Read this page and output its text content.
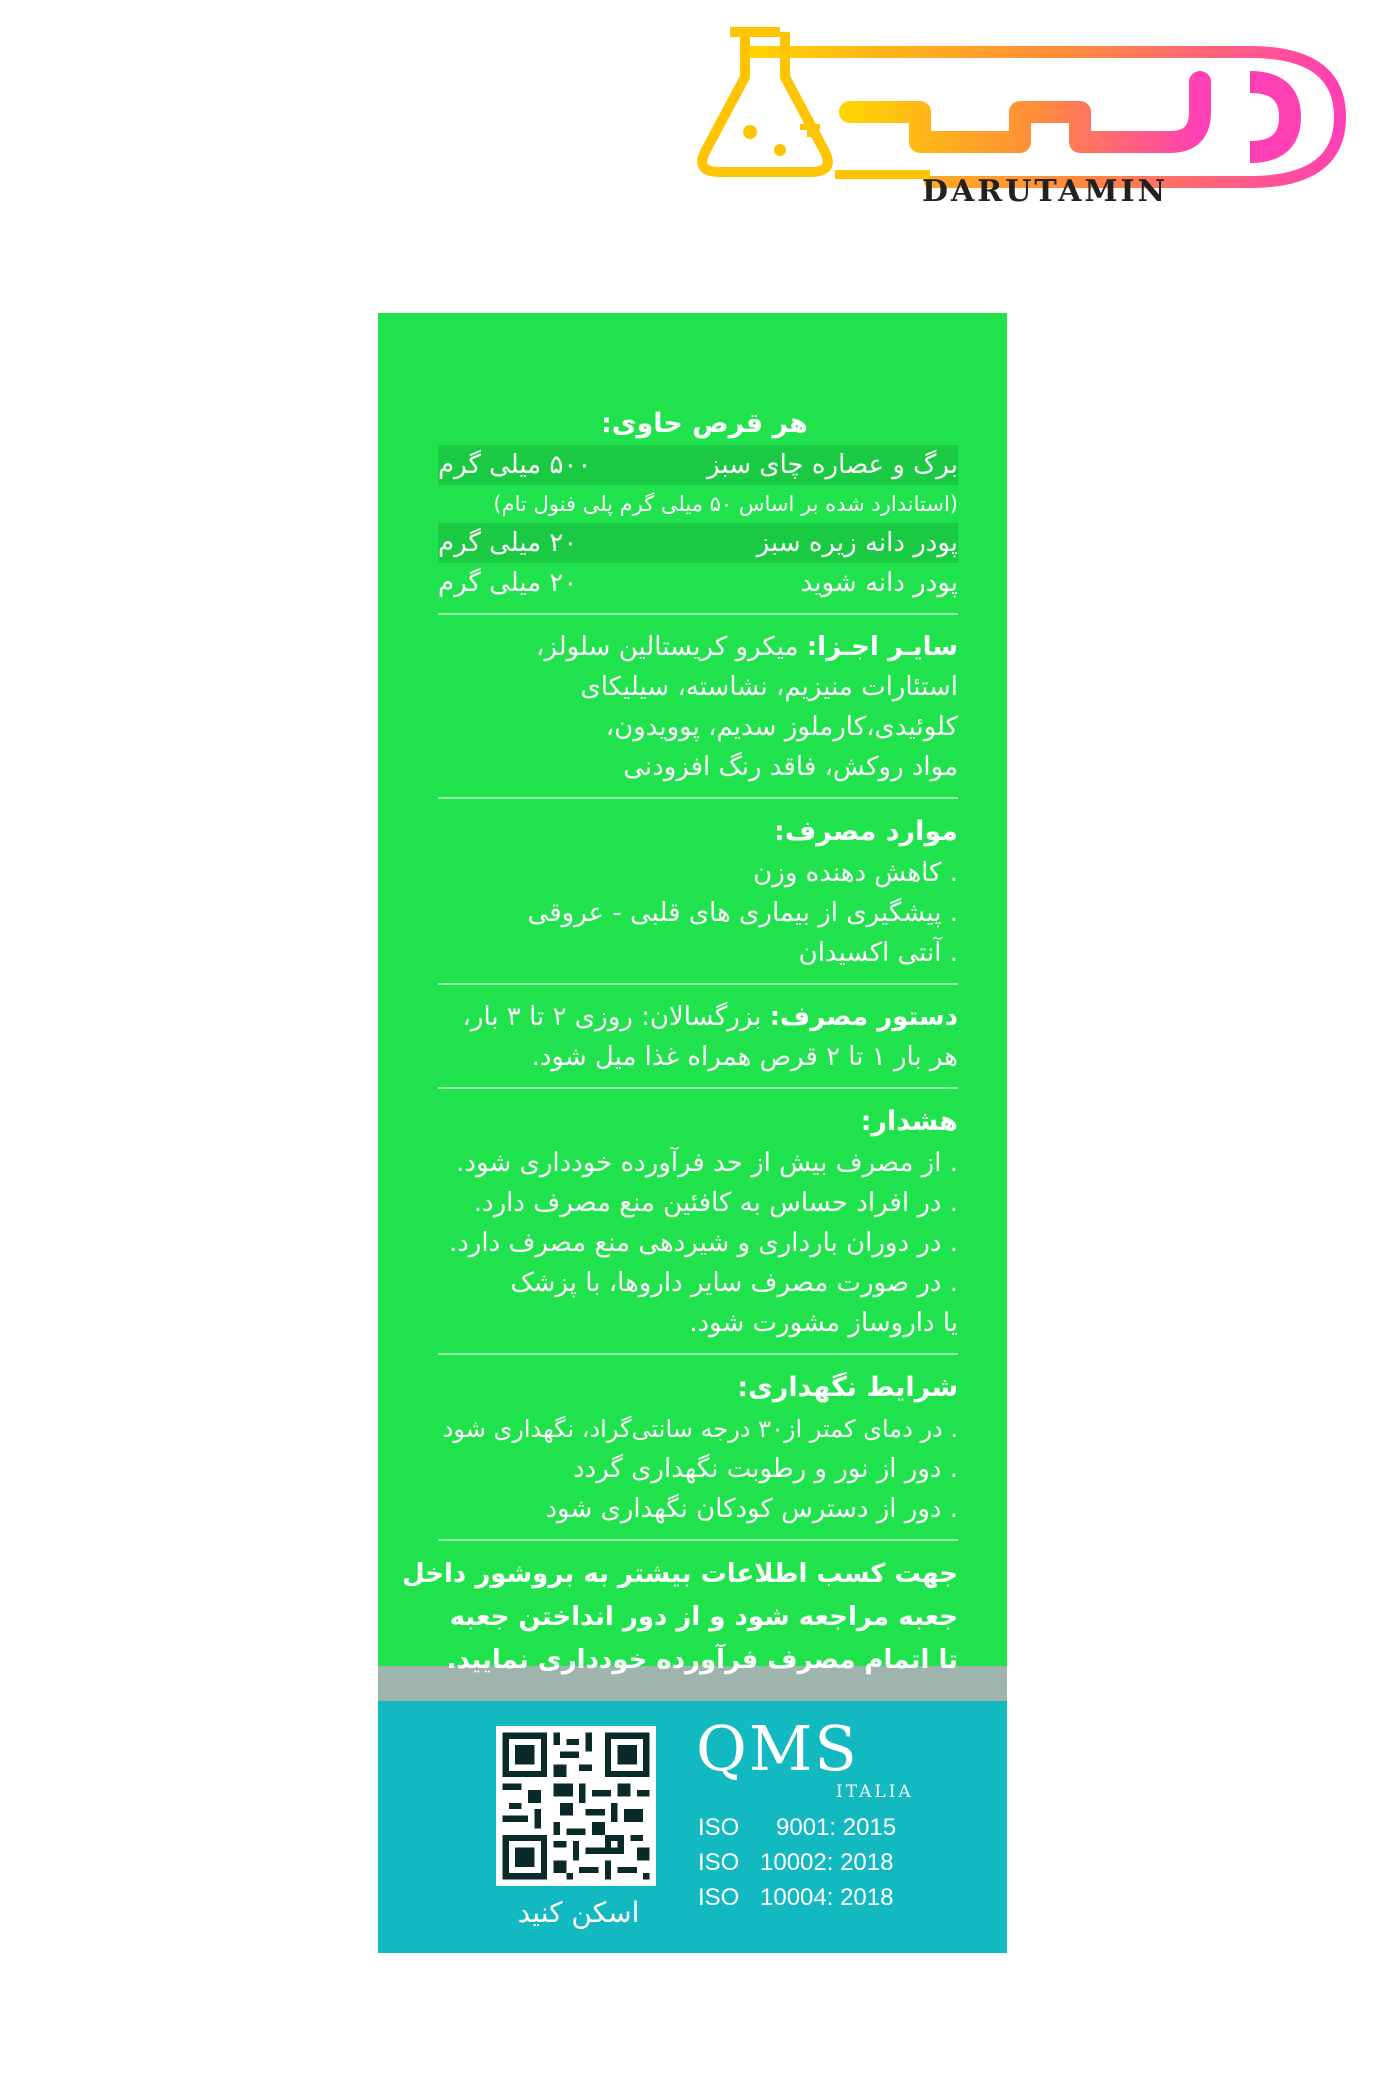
DARUTAMIN
هر قرص حاوی:
برگ و عصاره چای سبز
۵۰۰ میلی گرم
(استاندارد شده بر اساس ۵۰ میلی گرم پلی فنول تام)
پودر دانه زیره سبز
۲۰ میلی گرم
پودر دانه شوید
۲۰ میلی گرم
سایـر اجـزا: میکرو کریستالین سلولز،
استئارات منیزیم، نشاسته، سیلیکای
کلوئیدی،کارملوز سدیم، پوویدون،
مواد روکش، فاقد رنگ افزودنی
موارد مصرف:
. کاهش دهنده وزن
. پیشگیری از بیماری های قلبی - عروقی
. آنتی اکسیدان
دستور مصرف: بزرگسالان: روزی ۲ تا ۳ بار،
هر بار ۱ تا ۲ قرص همراه غذا میل شود.
هشدار:
. از مصرف بیش از حد فرآورده خودداری شود.
. در افراد حساس به کافئین منع مصرف دارد.
. در دوران بارداری و شیردهی منع مصرف دارد.
. در صورت مصرف سایر داروها، با پزشک
یا داروساز مشورت شود.
شرایط نگهداری:
. در دمای کمتر از۳۰ درجه سانتی‌گراد، نگهداری شود
. دور از نور و رطوبت نگهداری گردد
. دور از دسترس کودکان نگهداری شود
جهت کسب اطلاعات بیشتر به بروشور داخل
جعبه مراجعه شود و از دور انداختن جعبه
تا اتمام مصرف فرآورده خودداری نمایید.
اسکن کنید
QMS
ITALIA
ISO 9001: 2015
ISO 10002: 2018
ISO 10004: 2018
